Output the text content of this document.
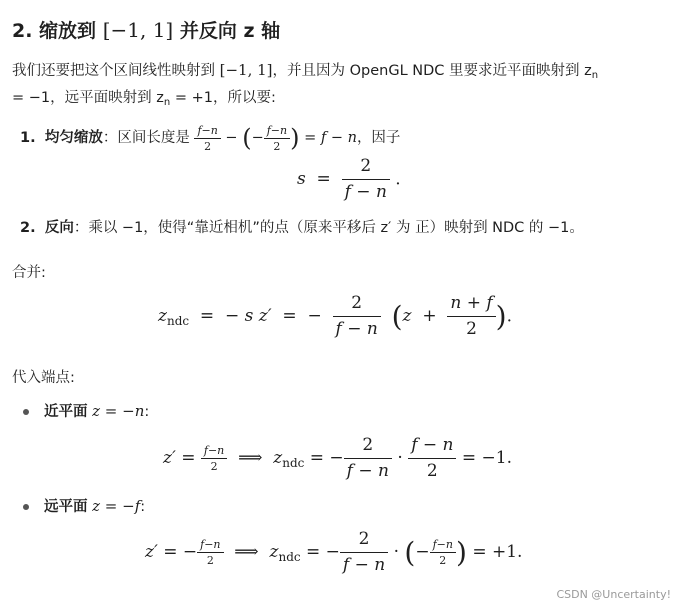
2. 缩放到 [−1, 1] 并反向 z 轴
我们还要把这个区间线性映射到 [−1, 1]，并且因为 OpenGL NDC 里要求近平面映射到 $z_n$
= −1，远平面映射到 $z_n = +1$，所以要:
1. 均匀缩放：区间长度是 $\frac{f-n}{2}$ − (− $\frac{f-n}{2}$ ) = f − n，因子
$s = \frac{2}{f - n}$ .
2. 反向：乘以 −1，使得“靠近相机”的点（原来平移后 z′ 为 正）映射到 NDC 的 −1。
合并:
$z_{ndc}$  =  − s z′  =  − $\frac{2}{f - n} (z + \frac{n + f}{2}$ ).
代入端点:
近平面 z = −n:
$z' = \frac{f-n}{2}$ ⟹  $z_{ndc}$ = − $\frac{2}{f - n} \cdot \frac{f - n}{2} = -1$.
远平面 z = −f:
z′ = − $\frac{f-n}{2}$ ⟹  $z_{ndc}$ = − $\frac{2}{f - n}$ · (− $\frac{f-n}{2}$ ) = +1.
CSDN @Uncertainty!
